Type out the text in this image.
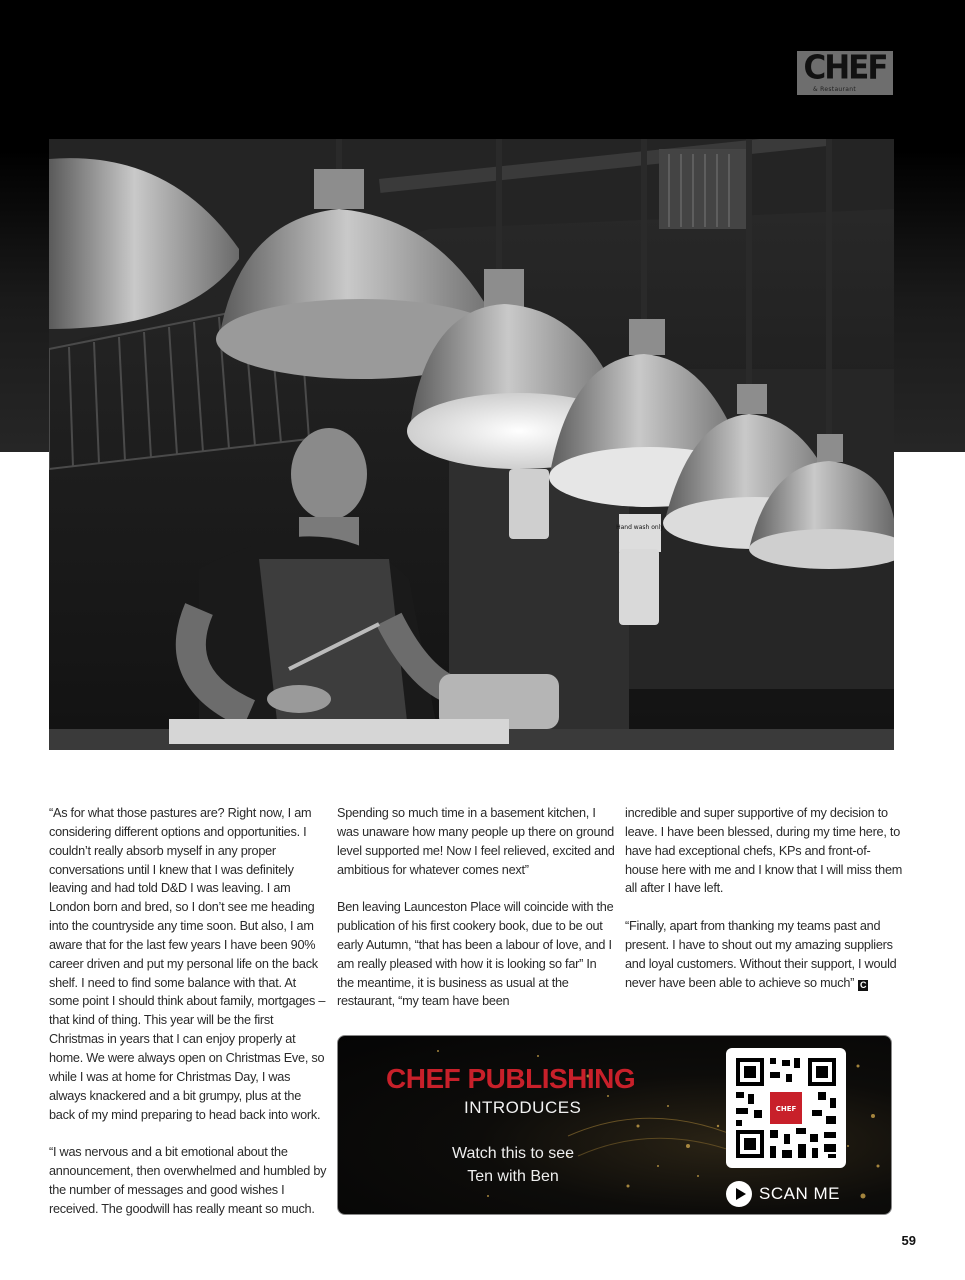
CHEF
& Restaurant
Hand wash only

“As for what those pastures are? Right now, I am considering different options and opportunities. I couldn’t really absorb myself in any proper conversations until I knew that I was definitely leaving and had told D&D I was leaving. I am London born and bred, so I don’t see me heading into the countryside any time soon. But also, I am aware that for the last few years I have been 90% career driven and put my personal life on the back shelf. I need to find some balance with that. At some point I should think about family, mortgages – that kind of thing. This year will be the first Christmas in years that I can enjoy properly at home. We were always open on Christmas Eve, so while I was at home for Christmas Day, I was always knackered and a bit grumpy, plus at the back of my mind preparing to head back into work.

“I was nervous and a bit emotional about the announcement, then overwhelmed and humbled by the number of messages and good wishes I received. The goodwill has really meant so much.

Spending so much time in a basement kitchen, I was unaware how many people up there on ground level supported me! Now I feel relieved, excited and ambitious for whatever comes next”

Ben leaving Launceston Place will coincide with the publication of his first cookery book, due to be out early Autumn, “that has been a labour of love, and I am really pleased with how it is looking so far” In the meantime, it is business as usual at the restaurant, “my team have been

incredible and super supportive of my decision to leave. I have been blessed, during my time here, to have had exceptional chefs, KPs and front-of-house here with me and I know that I will miss them all after I have left.

“Finally, apart from thanking my teams past and present. I have to shout out my amazing suppliers and loyal customers. Without their support, I would never have been able to achieve so much” C

CHEF PUBLISHING
INTRODUCES
Watch this to see
Ten with Ben
CHEF
SCAN ME
59
